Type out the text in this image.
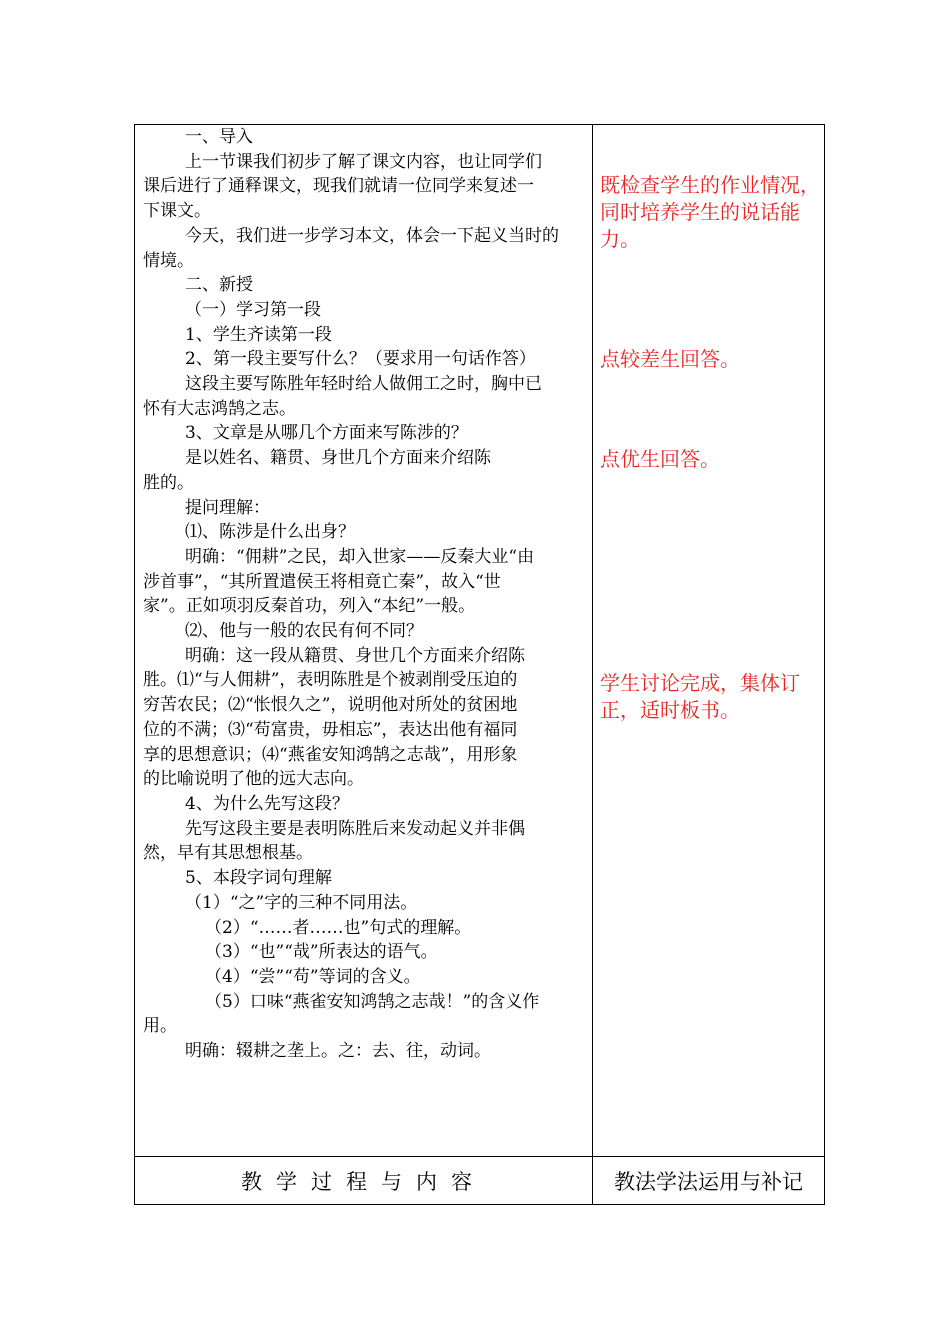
一、导入

上一节课我们初步了解了课文内容，也让同学们

课后进行了通释课文，现我们就请一位同学来复述一

下课文。

今天，我们进一步学习本文，体会一下起义当时的

情境。

二、新授

（一）学习第一段

1、学生齐读第一段

2、第一段主要写什么？（要求用一句话作答）

这段主要写陈胜年轻时给人做佣工之时，胸中已

怀有大志鸿鹄之志。

3、文章是从哪几个方面来写陈涉的？

是以姓名、籍贯、身世几个方面来介绍陈

胜的。

提问理解：

⑴、陈涉是什么出身？

明确：“佣耕”之民，却入世家——反秦大业“由

涉首事”，“其所置遣侯王将相竟亡秦”，故入“世

家”。正如项羽反秦首功，列入“本纪”一般。

⑵、他与一般的农民有何不同？

明确：这一段从籍贯、身世几个方面来介绍陈

胜。⑴“与人佣耕”，表明陈胜是个被剥削受压迫的

穷苦农民；⑵“怅恨久之”，说明他对所处的贫困地

位的不满；⑶“苟富贵，毋相忘”，表达出他有福同

享的思想意识；⑷“燕雀安知鸿鹄之志哉”，用形象

的比喻说明了他的远大志向。

4、为什么先写这段？

先写这段主要是表明陈胜后来发动起义并非偶

然，早有其思想根基。

5、本段字词句理解

（1）“之”字的三种不同用法。

（2）“……者……也”句式的理解。

（3）“也”“哉”所表达的语气。

（4）“尝”“苟”等词的含义。

（5）口味“燕雀安知鸿鹄之志哉！”的含义作

用。

明确：辍耕之垄上。之：去、往，动词。

既检查学生的作业情况，同时培养学生的说话能力。

点较差生回答。

点优生回答。

学生讨论完成，集体订正，适时板书。

教学过程与内容	教法学法运用与补记
